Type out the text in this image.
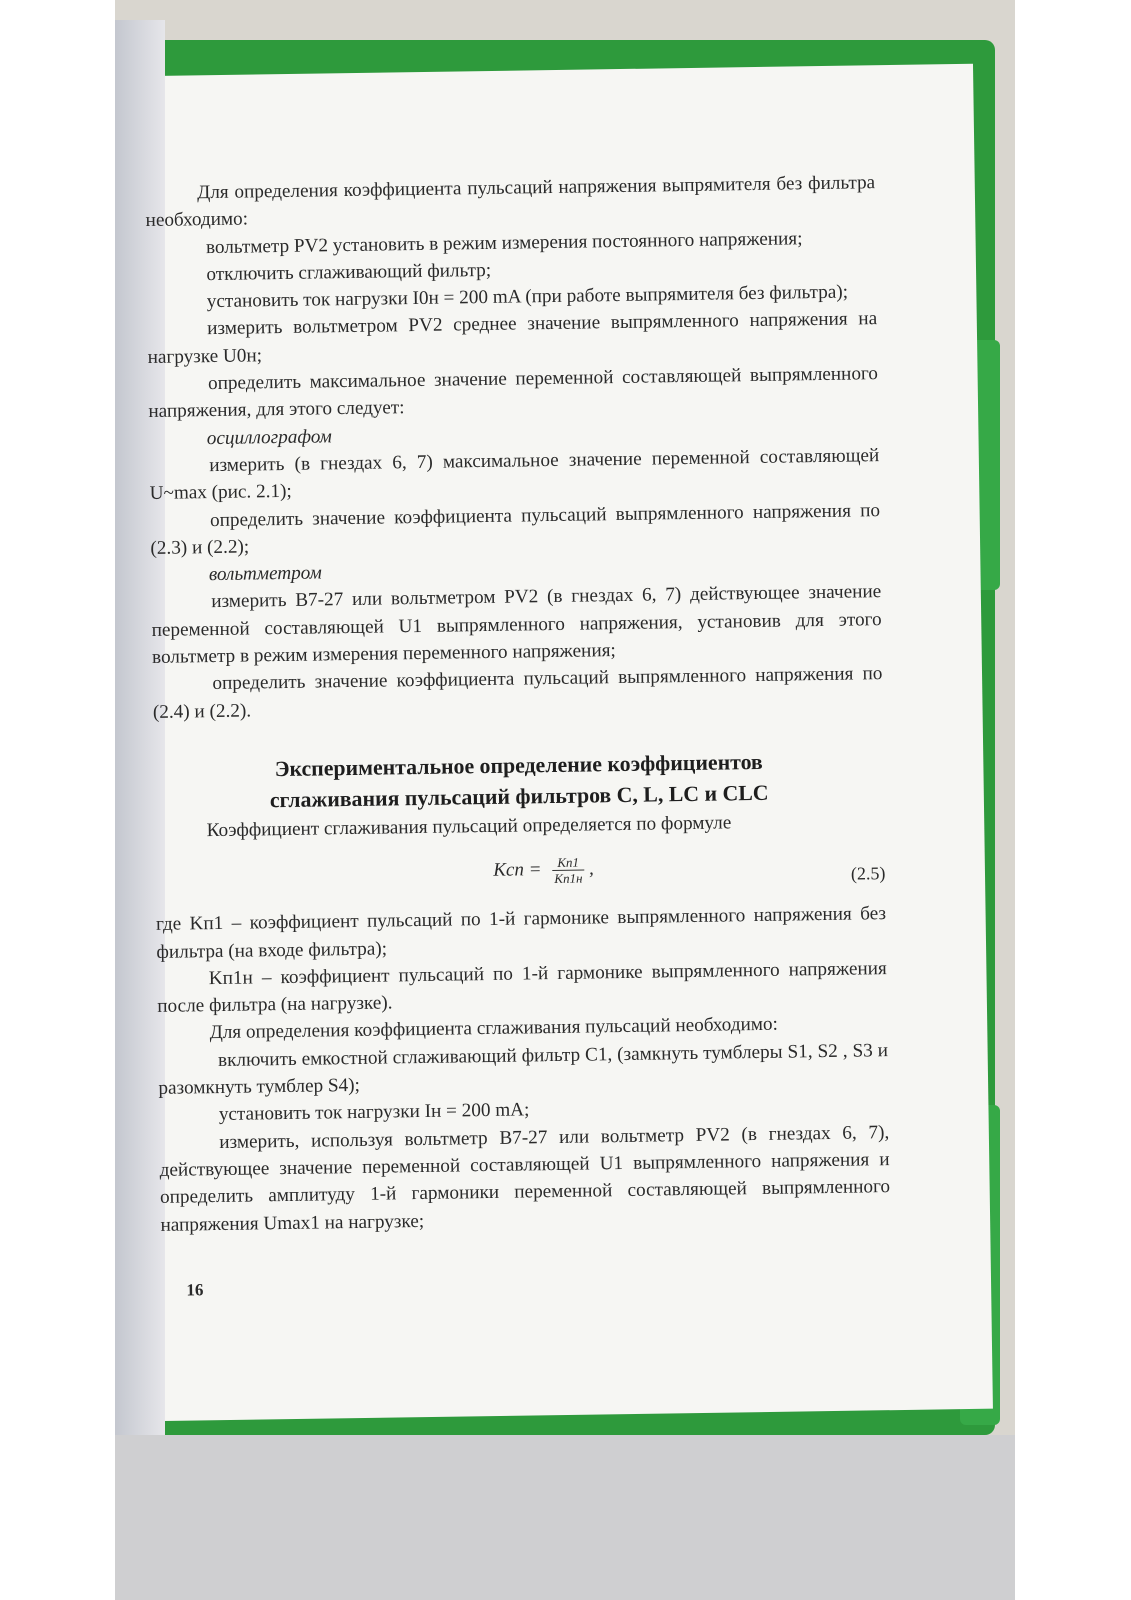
Для определения коэффициента пульсаций напряжения выпрямителя без фильтра необходимо:

вольтметр PV2 установить в режим измерения постоянного напряжения;

отключить сглаживающий фильтр;

установить ток нагрузки I0н = 200 mA (при работе выпрямителя без фильтра);

измерить вольтметром PV2 среднее значение выпрямленного напряжения на нагрузке U0н;

определить максимальное значение переменной составляющей выпрямленного напряжения, для этого следует:

осциллографом

измерить (в гнездах 6, 7) максимальное значение переменной составляющей U~max (рис. 2.1);

определить значение коэффициента пульсаций выпрямленного напряжения по (2.3) и (2.2);

вольтметром

измерить В7-27 или вольтметром PV2 (в гнездах 6, 7) действующее значение переменной составляющей U1 выпрямленного напряжения, установив для этого вольтметр в режим измерения переменного напряжения;

определить значение коэффициента пульсаций выпрямленного напряжения по (2.4) и (2.2).

Экспериментальное определение коэффициентов
сглаживания пульсаций фильтров C, L, LC и CLC

Коэффициент сглаживания пульсаций определяется по формуле

Kсп = $\frac{Kп1}{Kп1н}$ ,	(2.5)

где Kп1 – коэффициент пульсаций по 1-й гармонике выпрямленного напряжения без фильтра (на входе фильтра);

Kп1н – коэффициент пульсаций по 1-й гармонике выпрямленного напряжения после фильтра (на нагрузке).

Для определения коэффициента сглаживания пульсаций необходимо:

включить емкостной сглаживающий фильтр C1, (замкнуть тумблеры S1, S2 , S3 и разомкнуть тумблер S4);

установить ток нагрузки Iн = 200 mA;

измерить, используя вольтметр В7-27 или вольтметр PV2 (в гнездах 6, 7), действующее значение переменной составляющей U1 выпрямленного напряжения и определить амплитуду 1-й гармоники переменной составляющей выпрямленного напряжения Umax1 на нагрузке;

16
